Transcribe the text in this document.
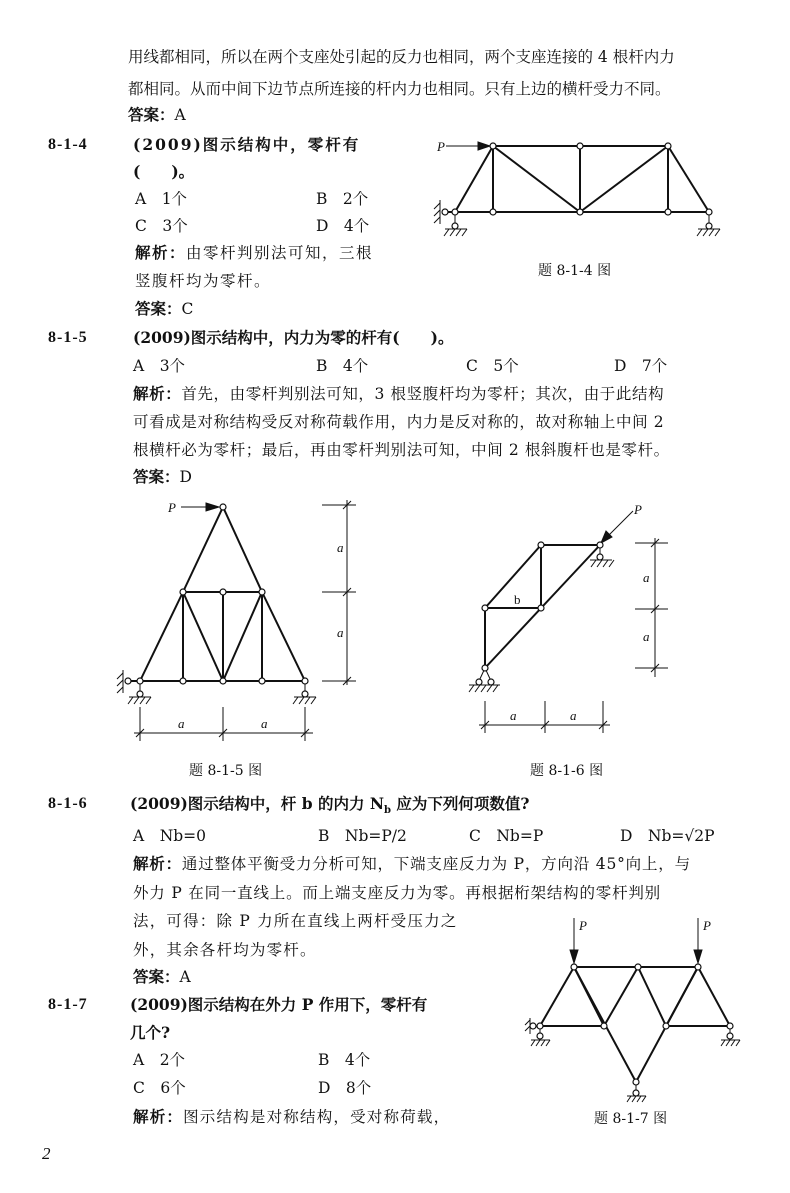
用线都相同，所以在两个支座处引起的反力也相同，两个支座连接的 4 根杆内力
都相同。从而中间下边节点所连接的杆内力也相同。只有上边的横杆受力不同。
答案：A
8-1-4	(2009)图示结构中，零杆有
(　　)。
A　1个	B　2个
C　3个	D　4个
解析：由零杆判别法可知，三根
竖腹杆均为零杆。
答案：C
P
题 8-1-4 图
8-1-5	(2009)图示结构中，内力为零的杆有(　　)。
A　3个	B　4个	C　5个	D　7个
解析：首先，由零杆判别法可知，3 根竖腹杆均为零杆；其次，由于此结构
可看成是对称结构受反对称荷载作用，内力是反对称的，故对称轴上中间 2
根横杆必为零杆；最后，再由零杆判别法可知，中间 2 根斜腹杆也是零杆。
答案：D
P
a
a
a	a
题 8-1-5 图
P
b
a
a
a	a
题 8-1-6 图
8-1-6	(2009)图示结构中，杆 b 的内力 $N_b$ 应为下列何项数值?
A　Nb=0	B　Nb=P/2	C　Nb=P	D　Nb=√2P
解析：通过整体平衡受力分析可知，下端支座反力为 P，方向沿 45°向上，与
外力 P 在同一直线上。而上端支座反力为零。再根据桁架结构的零杆判别
法，可得：除 P 力所在直线上两杆受压力之
外，其余各杆均为零杆。
答案：A
8-1-7	(2009)图示结构在外力 P 作用下，零杆有
几个?
A　2个	B　4个
C　6个	D　8个
解析：图示结构是对称结构，受对称荷载，
P	P
题 8-1-7 图
2
